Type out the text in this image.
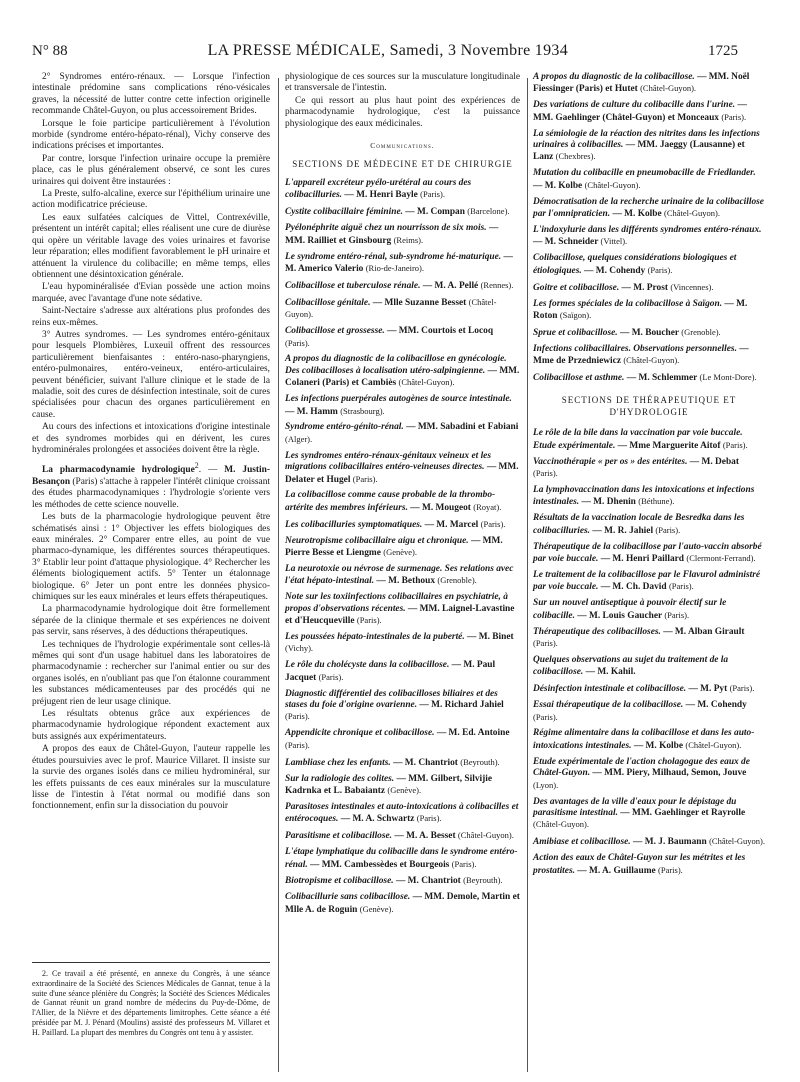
N° 88	LA PRESSE MÉDICALE, Samedi, 3 Novembre 1934	1725

2° Syndromes entéro-rénaux. — Lorsque l'infection intestinale prédomine sans complications réno-vésicales graves, la nécessité de lutter contre cette infection originelle recommande Châtel-Guyon, ou plus accessoirement Brides.

Lorsque le foie participe particulièrement à l'évolution morbide (syndrome entéro-hépato-rénal), Vichy conserve des indications précises et importantes.

Par contre, lorsque l'infection urinaire occupe la première place, cas le plus généralement observé, ce sont les cures urinaires qui doivent être instaurées :

La Preste, sulfo-alcaline, exerce sur l'épithélium urinaire une action modificatrice précieuse.

Les eaux sulfatées calciques de Vittel, Contrexéville, présentent un intérêt capital; elles réalisent une cure de diurèse qui opère un véritable lavage des voies urinaires et favorise leur réparation; elles modifient favorablement le pH urinaire et atténuent la virulence du colibacille; en même temps, elles obtiennent une désintoxication générale.

L'eau hypominéralisée d'Evian possède une action moins marquée, avec l'avantage d'une note sédative.

Saint-Nectaire s'adresse aux altérations plus profondes des reins eux-mêmes.

3° Autres syndromes. — Les syndromes entéro-génitaux pour lesquels Plombières, Luxeuil offrent des ressources particulièrement bienfaisantes : entéro-naso-pharyngiens, entéro-pulmonaires, entéro-veineux, entéro-articulaires, peuvent bénéficier, suivant l'allure clinique et le stade de la maladie, soit des cures de désinfection intestinale, soit de cures spécialisées pour chacun des organes particulièrement en cause.

Au cours des infections et intoxications d'origine intestinale et des syndromes morbides qui en dérivent, les cures hydrominérales prolongées et associées doivent être la règle.

La pharmacodynamie hydrologique$^2$. — M. Justin-Besançon (Paris) s'attache à rappeler l'intérêt clinique croissant des études pharmacodynamiques : l'hydrologie s'oriente vers les méthodes de cette science nouvelle.

Les buts de la pharmacologie hydrologique peuvent être schématisés ainsi : 1° Objectiver les effets biologiques des eaux minérales. 2° Comparer entre elles, au point de vue pharmaco-dynamique, les différentes sources thérapeutiques. 3° Etablir leur point d'attaque physiologique. 4° Rechercher les éléments biologiquement actifs. 5° Tenter un étalonnage biologique. 6° Jeter un pont entre les données physico-chimiques sur les eaux minérales et leurs effets thérapeutiques.

La pharmacodynamie hydrologique doit être formellement séparée de la clinique thermale et ses expériences ne doivent pas servir, sans réserves, à des déductions thérapeutiques.

Les techniques de l'hydrologie expérimentale sont celles-là mêmes qui sont d'un usage habituel dans les laboratoires de pharmacodynamie : rechercher sur l'animal entier ou sur des organes isolés, en n'oubliant pas que l'on étalonne couramment les substances médicamenteuses par des procédés qui ne préjugent rien de leur usage clinique.

Les résultats obtenus grâce aux expériences de pharmacodynamie hydrologique répondent exactement aux buts assignés aux expérimentateurs.

A propos des eaux de Châtel-Guyon, l'auteur rappelle les études poursuivies avec le prof. Maurice Villaret. Il insiste sur la survie des organes isolés dans ce milieu hydrominéral, sur les effets puissants de ces eaux minérales sur la musculature lisse de l'intestin à l'état normal ou modifié dans son fonctionnement, enfin sur la dissociation du pouvoir

2. Ce travail a été présenté, en annexe du Congrès, à une séance extraordinaire de la Société des Sciences Médicales de Gannat, tenue à la suite d'une séance plénière du Congrès; la Société des Sciences Médicales de Gannat réunit un grand nombre de médecins du Puy-de-Dôme, de l'Allier, de la Nièvre et des départements limitrophes. Cette séance a été présidée par M. J. Pénard (Moulins) assisté des professeurs M. Villaret et H. Paillard. La plupart des membres du Congrès ont tenu à y assister.

physiologique de ces sources sur la musculature longitudinale et transversale de l'intestin.

Ce qui ressort au plus haut point des expériences de pharmacodynamie hydrologique, c'est la puissance physiologique des eaux médicinales.

Communications.
SECTIONS DE MÉDECINE ET DE CHIRURGIE
L'appareil excréteur pyélo-urétéral au cours des colibacilluries. — M. Henri Bayle (Paris).
Cystite colibacillaire féminine. — M. Compan (Barcelone).
Pyélonéphrite aiguë chez un nourrisson de six mois. — MM. Railliet et Ginsbourg (Reims).
Le syndrome entéro-rénal, sub-syndrome hé-maturique. — M. Americo Valerio (Rio-de-Janeiro).
Colibacillose et tuberculose rénale. — M. A. Pellé (Rennes).
Colibacillose génitale. — Mlle Suzanne Besset (Châtel-Guyon).
Colibacillose et grossesse. — MM. Courtois et Locoq (Paris).
A propos du diagnostic de la colibacillose en gynécologie. Des colibacilloses à localisation utéro-salpingienne. — MM. Colaneri (Paris) et Cambiès (Châtel-Guyon).
Les infections puerpérales autogènes de source intestinale. — M. Hamm (Strasbourg).
Syndrome entéro-génito-rénal. — MM. Sabadini et Fabiani (Alger).
Les syndromes entéro-rénaux-génitaux veineux et les migrations colibacillaires entéro-veineuses directes. — MM. Delater et Hugel (Paris).
La colibacillose comme cause probable de la thrombo-artérite des membres inférieurs. — M. Mougeot (Royat).
Les colibacilluries symptomatiques. — M. Marcel (Paris).
Neurotropisme colibacillaire aigu et chronique. — MM. Pierre Besse et Liengme (Genève).
La neurotoxie ou névrose de surmenage. Ses relations avec l'état hépato-intestinal. — M. Bethoux (Grenoble).
Note sur les toxiinfections colibacillaires en psychiatrie, à propos d'observations récentes. — MM. Laignel-Lavastine et d'Heucqueville (Paris).
Les poussées hépato-intestinales de la puberté. — M. Binet (Vichy).
Le rôle du cholécyste dans la colibacillose. — M. Paul Jacquet (Paris).
Diagnostic différentiel des colibacilloses biliaires et des stases du foie d'origine ovarienne. — M. Richard Jahiel (Paris).
Appendicite chronique et colibacillose. — M. Ed. Antoine (Paris).
Lambliase chez les enfants. — M. Chantriot (Beyrouth).
Sur la radiologie des colites. — MM. Gilbert, Silvijie Kadrnka et L. Babaiantz (Genève).
Parasitoses intestinales et auto-intoxications à colibacilles et entérocoques. — M. A. Schwartz (Paris).
Parasitisme et colibacillose. — M. A. Besset (Châtel-Guyon).
L'étape lymphatique du colibacille dans le syndrome entéro-rénal. — MM. Cambessèdes et Bourgeois (Paris).
Biotropisme et colibacillose. — M. Chantriot (Beyrouth).
Colibacillurie sans colibacillose. — MM. Demole, Martin et Mlle A. de Roguin (Genève).
A propos du diagnostic de la colibacillose. — MM. Noël Fiessinger (Paris) et Hutet (Châtel-Guyon).
Des variations de culture du colibacille dans l'urine. — MM. Gaehlinger (Châtel-Guyon) et Monceaux (Paris).
La sémiologie de la réaction des nitrites dans les infections urinaires à colibacilles. — MM. Jaeggy (Lausanne) et Lanz (Chexbres).
Mutation du colibacille en pneumobacille de Friedlander. — M. Kolbe (Châtel-Guyon).
Démocratisation de la recherche urinaire de la colibacillose par l'omnipraticien. — M. Kolbe (Châtel-Guyon).
L'indoxylurie dans les différents syndromes entéro-rénaux. — M. Schneider (Vittel).
Colibacillose, quelques considérations biologiques et étiologiques. — M. Cohendy (Paris).
Goitre et colibacillose. — M. Prost (Vincennes).
Les formes spéciales de la colibacillose à Saïgon. — M. Roton (Saïgon).
Sprue et colibacillose. — M. Boucher (Grenoble).
Infections colibacillaires. Observations personnelles. — Mme de Przedniewicz (Châtel-Guyon).
Colibacillose et asthme. — M. Schlemmer (Le Mont-Dore).
SECTIONS DE THÉRAPEUTIQUE ET D'HYDROLOGIE
Le rôle de la bile dans la vaccination par voie buccale. Etude expérimentale. — Mme Marguerite Aitof (Paris).
Vaccinothérapie « per os » des entérites. — M. Debat (Paris).
La lymphovaccination dans les intoxications et infections intestinales. — M. Dhenin (Béthune).
Résultats de la vaccination locale de Besredka dans les colibacilluries. — M. R. Jahiel (Paris).
Thérapeutique de la colibacillose par l'auto-vaccin absorbé par voie buccale. — M. Henri Paillard (Clermont-Ferrand).
Le traitement de la colibacillose par le Flavurol administré par voie buccale. — M. Ch. David (Paris).
Sur un nouvel antiseptique à pouvoir électif sur le colibacille. — M. Louis Gaucher (Paris).
Thérapeutique des colibacilloses. — M. Alban Girault (Paris).
Quelques observations au sujet du traitement de la colibacillose. — M. Kahil.
Désinfection intestinale et colibacillose. — M. Pyt (Paris).
Essai thérapeutique de la colibacillose. — M. Cohendy (Paris).
Régime alimentaire dans la colibacillose et dans les auto-intoxications intestinales. — M. Kolbe (Châtel-Guyon).
Etude expérimentale de l'action cholagogue des eaux de Châtel-Guyon. — MM. Piery, Milhaud, Semon, Jouve (Lyon).
Des avantages de la ville d'eaux pour le dépistage du parasitisme intestinal. — MM. Gaehlinger et Rayrolle (Châtel-Guyon).
Amibiase et colibacillose. — M. J. Baumann (Châtel-Guyon).
Action des eaux de Châtel-Guyon sur les métrites et les prostatites. — M. A. Guillaume (Paris).
